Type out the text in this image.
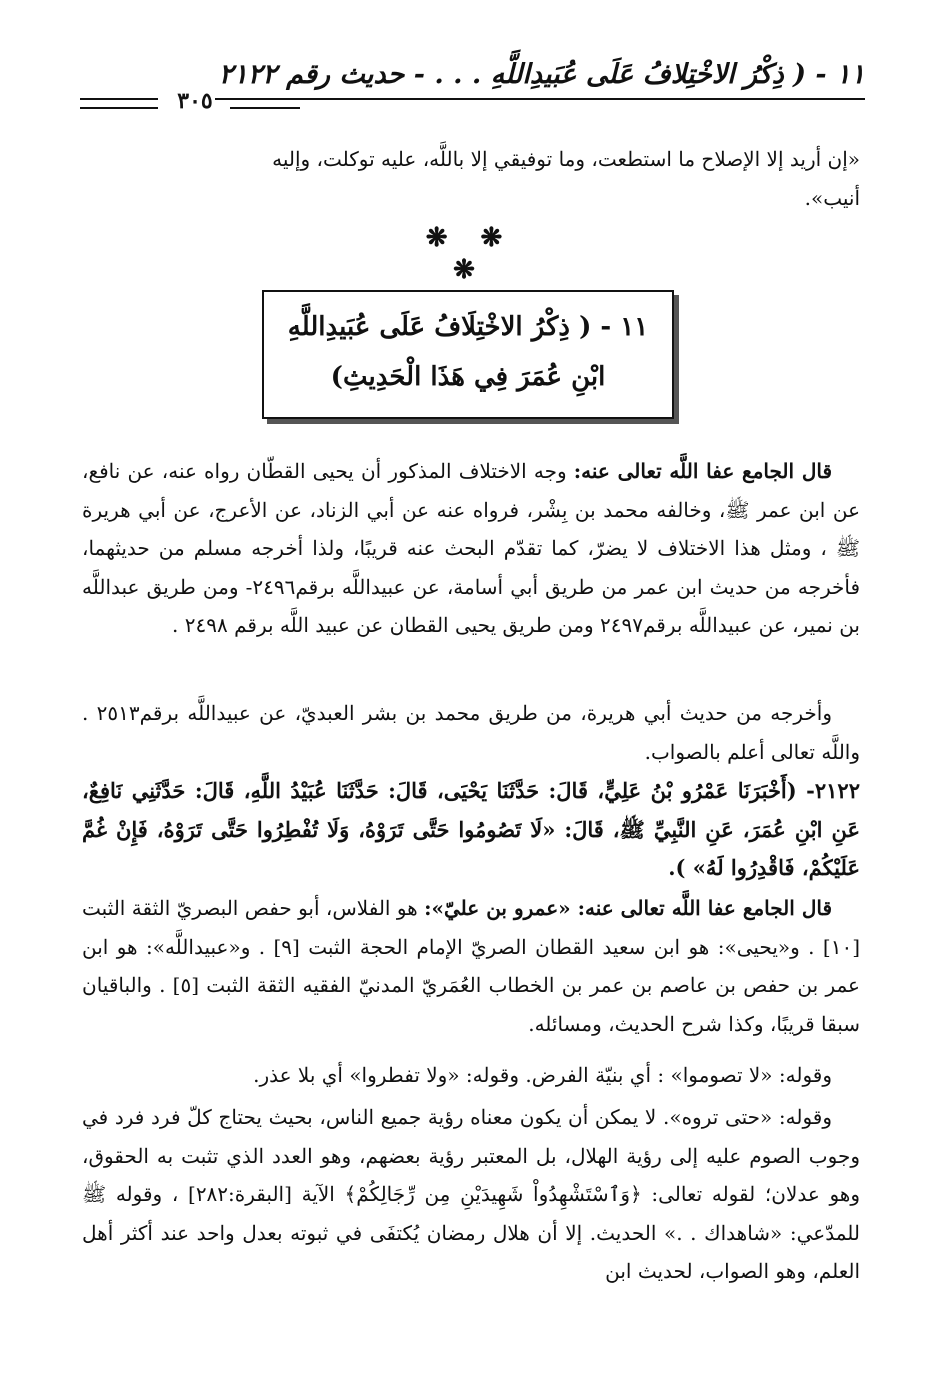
١١ - ( ذِكْرُ الاخْتِلافُ عَلَى عُبَيدِاللَّهِ . . . - حديث رقم ٢١٢٢
٣٠٥

«إن أريد إلا الإصلاح ما استطعت، وما توفيقي إلا باللَّه، عليه توكلت، وإليه
أنيب».

❋ ❋ ❋
١١ - ( ذِكْرُ الاخْتِلَافُ عَلَى عُبَيدِاللَّهِ
ابْنِ عُمَرَ فِي هَذَا الْحَدِيثِ)

قال الجامع عفا اللَّه تعالى عنه: وجه الاختلاف المذكور أن يحيى القطّان رواه عنه، عن نافع، عن ابن عمر ﷺ، وخالفه محمد بن بِشْر، فرواه عنه عن أبي الزناد، عن الأعرج، عن أبي هريرة ﷺ ، ومثل هذا الاختلاف لا يضرّ، كما تقدّم البحث عنه قريبًا، ولذا أخرجه مسلم من حديثهما، فأخرجه من حديث ابن عمر من طريق أبي أسامة، عن عبيداللَّه برقم٢٤٩٦- ومن طريق عبداللَّه بن نمير، عن عبيداللَّه برقم٢٤٩٧ ومن طريق يحيى القطان عن عبيد اللَّه برقم ٢٤٩٨ .

وأخرجه من حديث أبي هريرة، من طريق محمد بن بشر العبديّ، عن عبيداللَّه برقم٢٥١٣ . واللَّه تعالى أعلم بالصواب.

٢١٢٢- (أَخْبَرَنَا عَمْرُو بْنُ عَلِيٍّ، قَالَ: حَدَّثَنَا يَحْيَى، قَالَ: حَدَّثَنَا عُبَيْدُ اللَّهِ، قَالَ: حَدَّثَنِي نَافِعٌ، عَنِ ابْنِ عُمَرَ، عَنِ النَّبِيِّ ﷺ، قَالَ: «لَا تَصُومُوا حَتَّى تَرَوْهُ، وَلَا تُفْطِرُوا حَتَّى تَرَوْهُ، فَإِنْ غُمَّ عَلَيْكُمْ، فَاقْدِرُوا لَهُ» ).

قال الجامع عفا اللَّه تعالى عنه: «عمرو بن عليّ»: هو الفلاس، أبو حفص البصريّ الثقة الثبت [١٠] . و«يحيى»: هو ابن سعيد القطان الصريّ الإمام الحجة الثبت [٩] . و«عبيداللَّه»: هو ابن عمر بن حفص بن عاصم بن عمر بن الخطاب العُمَريّ المدنيّ الفقيه الثقة الثبت [٥] . والباقيان سبقا قريبًا، وكذا شرح الحديث، ومسائله.

وقوله: «لا تصوموا» : أي بنيّة الفرض. وقوله: «ولا تفطروا» أي بلا عذر.

وقوله: «حتى تروه». لا يمكن أن يكون معناه رؤية جميع الناس، بحيث يحتاج كلّ فرد فرد في وجوب الصوم عليه إلى رؤية الهلال، بل المعتبر رؤية بعضهم، وهو العدد الذي تثبت به الحقوق، وهو عدلان؛ لقوله تعالى: ﴿وَٱسْتَشْهِدُواْ شَهِيدَيْنِ مِن رِّجَالِكُمْ﴾ الآية [البقرة:٢٨٢] ، وقوله ﷺ للمدّعي: «شاهداك . .» الحديث. إلا أن هلال رمضان يُكتفَى في ثبوته بعدل واحد عند أكثر أهل العلم، وهو الصواب، لحديث ابن
